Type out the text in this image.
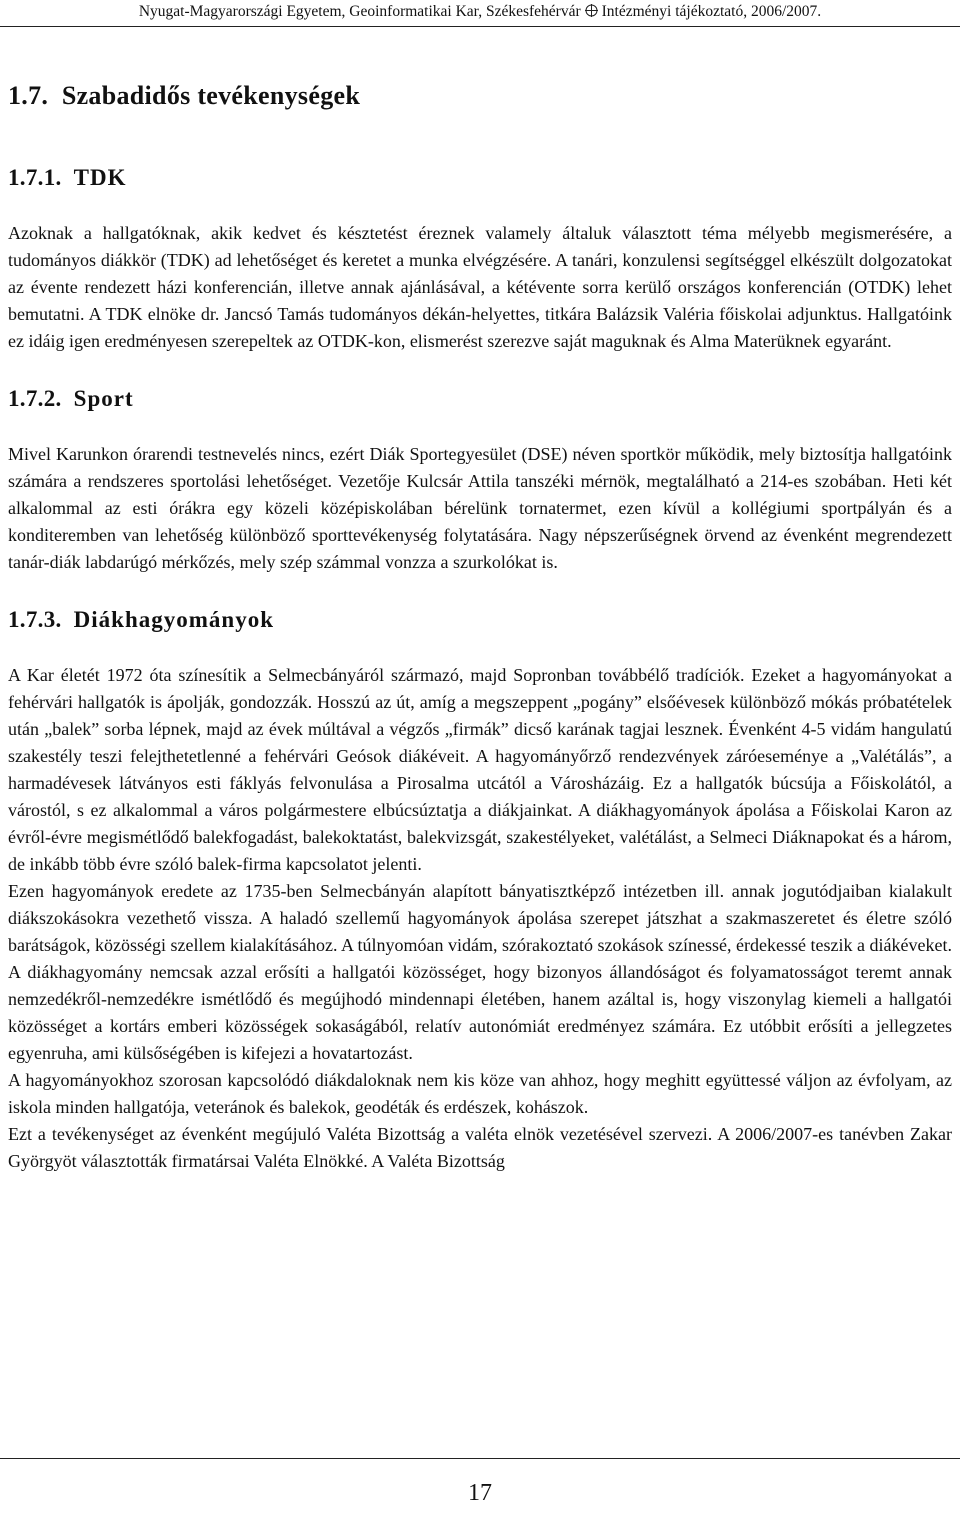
Nyugat-Magyarországi Egyetem, Geoinformatikai Kar, Székesfehérvár Intézményi tájékoztató, 2006/2007.
1.7. Szabadidős tevékenységek
1.7.1. TDK

Azoknak a hallgatóknak, akik kedvet és késztetést éreznek valamely általuk választott téma mélyebb megismerésére, a tudományos diákkör (TDK) ad lehetőséget és keretet a munka elvégzésére. A tanári, konzulensi segítséggel elkészült dolgozatokat az évente rendezett házi konferencián, illetve annak ajánlásával, a kétévente sorra kerülő országos konferencián (OTDK) lehet bemutatni. A TDK elnöke dr. Jancsó Tamás tudományos dékán-helyettes, titkára Balázsik Valéria főiskolai adjunktus. Hallgatóink ez idáig igen eredményesen szerepeltek az OTDK-kon, elismerést szerezve saját maguknak és Alma Materüknek egyaránt.

1.7.2. Sport

Mivel Karunkon órarendi testnevelés nincs, ezért Diák Sportegyesület (DSE) néven sportkör működik, mely biztosítja hallgatóink számára a rendszeres sportolási lehetőséget. Vezetője Kulcsár Attila tanszéki mérnök, megtalálható a 214-es szobában. Heti két alkalommal az esti órákra egy közeli középiskolában bérelünk tornatermet, ezen kívül a kollégiumi sportpályán és a konditeremben van lehetőség különböző sporttevékenység folytatására. Nagy népszerűségnek örvend az évenként megrendezett tanár-diák labdarúgó mérkőzés, mely szép számmal vonzza a szurkolókat is.

1.7.3. Diákhagyományok

A Kar életét 1972 óta színesítik a Selmecbányáról származó, majd Sopronban továbbélő tradíciók. Ezeket a hagyományokat a fehérvári hallgatók is ápolják, gondozzák. Hosszú az út, amíg a megszeppent „pogány” elsőévesek különböző mókás próbatételek után „balek” sorba lépnek, majd az évek múltával a végzős „firmák” dicső karának tagjai lesznek. Évenként 4-5 vidám hangulatú szakestély teszi felejthetetlenné a fehérvári Geósok diákéveit. A hagyományőrző rendezvények záróeseménye a „Valétálás”, a harmadévesek látványos esti fáklyás felvonulása a Pirosalma utcától a Városházáig. Ez a hallgatók búcsúja a Főiskolától, a várostól, s ez alkalommal a város polgármestere elbúcsúztatja a diákjainkat. A diákhagyományok ápolása a Főiskolai Karon az évről-évre megismétlődő balekfogadást, balekoktatást, balekvizsgát, szakestélyeket, valétálást, a Selmeci Diáknapokat és a három, de inkább több évre szóló balek-firma kapcsolatot jelenti.

Ezen hagyományok eredete az 1735-ben Selmecbányán alapított bányatisztképző intézetben ill. annak jogutódjaiban kialakult diákszokásokra vezethető vissza. A haladó szellemű hagyományok ápolása szerepet játszhat a szakmaszeretet és életre szóló barátságok, közösségi szellem kialakításához. A túlnyomóan vidám, szórakoztató szokások színessé, érdekessé teszik a diákéveket. A diákhagyomány nemcsak azzal erősíti a hallgatói közösséget, hogy bizonyos állandóságot és folyamatosságot teremt annak nemzedékről-nemzedékre ismétlődő és megújhodó mindennapi életében, hanem azáltal is, hogy viszonylag kiemeli a hallgatói közösséget a kortárs emberi közösségek sokaságából, relatív autonómiát eredményez számára. Ez utóbbit erősíti a jellegzetes egyenruha, ami külsőségében is kifejezi a hovatartozást.

A hagyományokhoz szorosan kapcsolódó diákdaloknak nem kis köze van ahhoz, hogy meghitt együttessé váljon az évfolyam, az iskola minden hallgatója, veteránok és balekok, geodéták és erdészek, kohászok.

Ezt a tevékenységet az évenként megújuló Valéta Bizottság a valéta elnök vezetésével szervezi. A 2006/2007-es tanévben Zakar Györgyöt választották firmatársai Valéta Elnökké. A Valéta Bizottság

17
